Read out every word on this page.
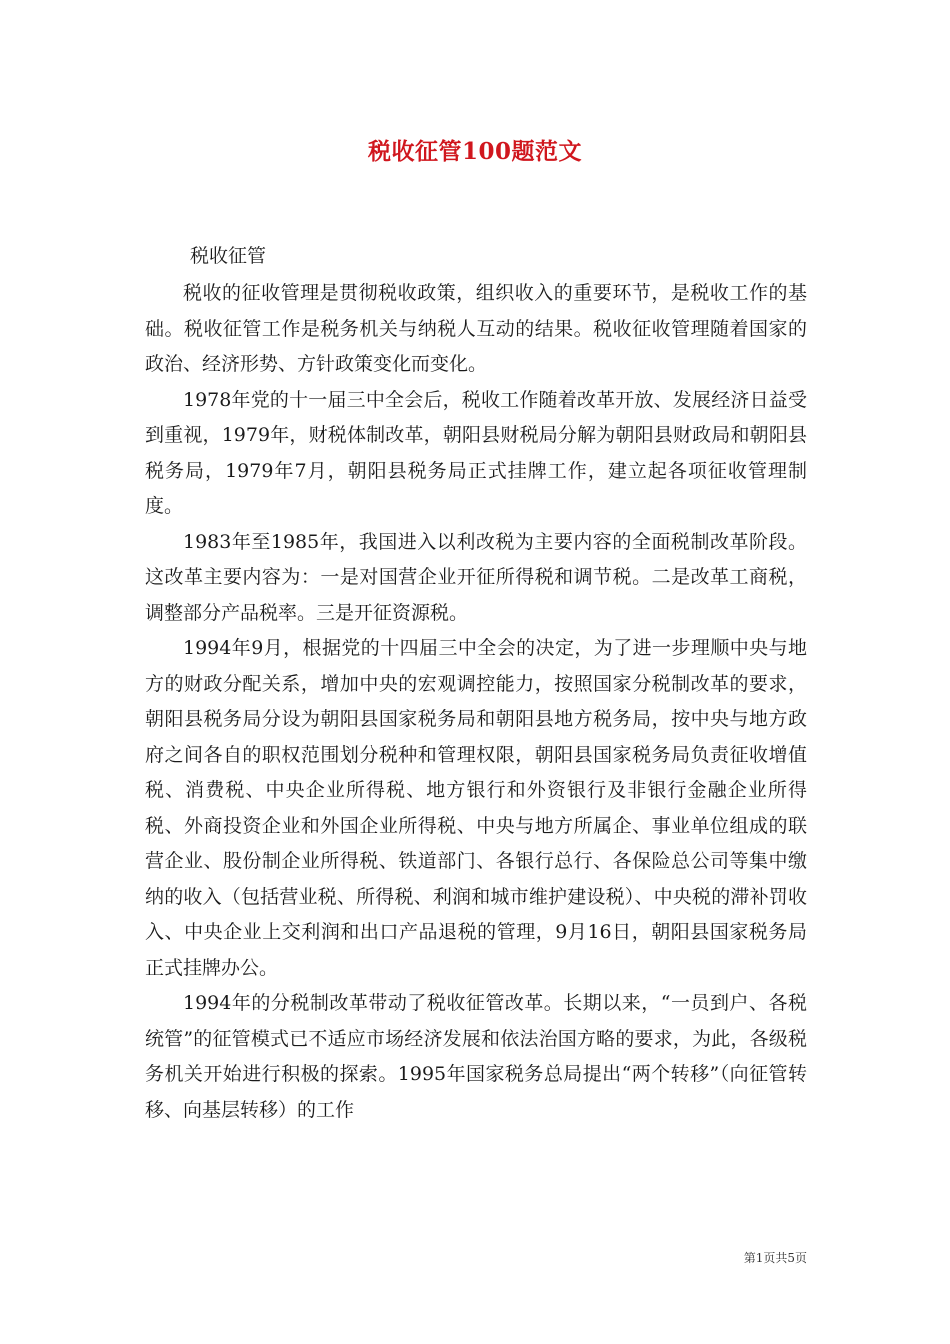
税收征管100题范文
税收征管

税收的征收管理是贯彻税收政策，组织收入的重要环节，是税收工作的基础。税收征管工作是税务机关与纳税人互动的结果。税收征收管理随着国家的政治、经济形势、方针政策变化而变化。

1978年党的十一届三中全会后，税收工作随着改革开放、发展经济日益受到重视，1979年，财税体制改革，朝阳县财税局分解为朝阳县财政局和朝阳县税务局，1979年7月，朝阳县税务局正式挂牌工作，建立起各项征收管理制度。

1983年至1985年，我国进入以利改税为主要内容的全面税制改革阶段。这改革主要内容为：一是对国营企业开征所得税和调节税。二是改革工商税，调整部分产品税率。三是开征资源税。

1994年9月，根据党的十四届三中全会的决定，为了进一步理顺中央与地方的财政分配关系，增加中央的宏观调控能力，按照国家分税制改革的要求，朝阳县税务局分设为朝阳县国家税务局和朝阳县地方税务局，按中央与地方政府之间各自的职权范围划分税种和管理权限，朝阳县国家税务局负责征收增值税、消费税、中央企业所得税、地方银行和外资银行及非银行金融企业所得税、外商投资企业和外国企业所得税、中央与地方所属企、事业单位组成的联营企业、股份制企业所得税、铁道部门、各银行总行、各保险总公司等集中缴纳的收入（包括营业税、所得税、利润和城市维护建设税）、中央税的滞补罚收入、中央企业上交利润和出口产品退税的管理，9月16日，朝阳县国家税务局正式挂牌办公。

1994年的分税制改革带动了税收征管改革。长期以来，“一员到户、各税统管”的征管模式已不适应市场经济发展和依法治国方略的要求，为此，各级税务机关开始进行积极的探索。1995年国家税务总局提出“两个转移”（向征管转移、向基层转移）的工作

第1页共5页
